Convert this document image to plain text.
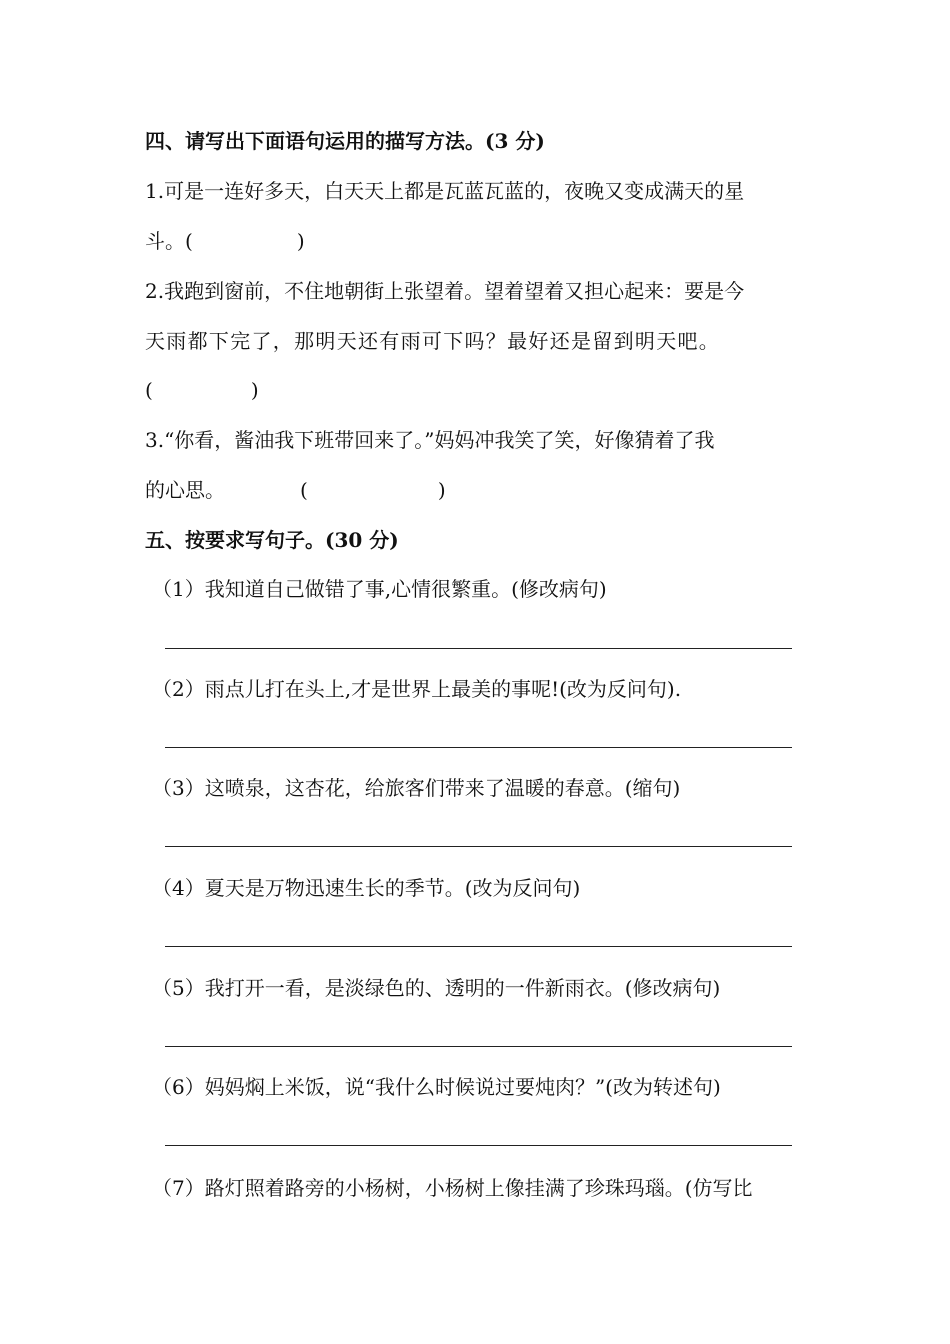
四、请写出下面语句运用的描写方法。(3 分)
1.可是一连好多天，白天天上都是瓦蓝瓦蓝的，夜晚又变成满天的星
斗。(	)
2.我跑到窗前，不住地朝街上张望着。望着望着又担心起来：要是今
天雨都下完了，那明天还有雨可下吗？最好还是留到明天吧。
(	)
3.“你看，酱油我下班带回来了。”妈妈冲我笑了笑，好像猜着了我
的心思。	(	)
五、按要求写句子。(30 分)
（1）我知道自己做错了事,心情很繁重。(修改病句)
（2）雨点儿打在头上,才是世界上最美的事呢!(改为反问句).
（3）这喷泉，这杏花，给旅客们带来了温暖的春意。(缩句)
（4）夏天是万物迅速生长的季节。(改为反问句)
（5）我打开一看，是淡绿色的、透明的一件新雨衣。(修改病句)
（6）妈妈焖上米饭，说“我什么时候说过要炖肉？”(改为转述句)
（7）路灯照着路旁的小杨树，小杨树上像挂满了珍珠玛瑙。(仿写比
